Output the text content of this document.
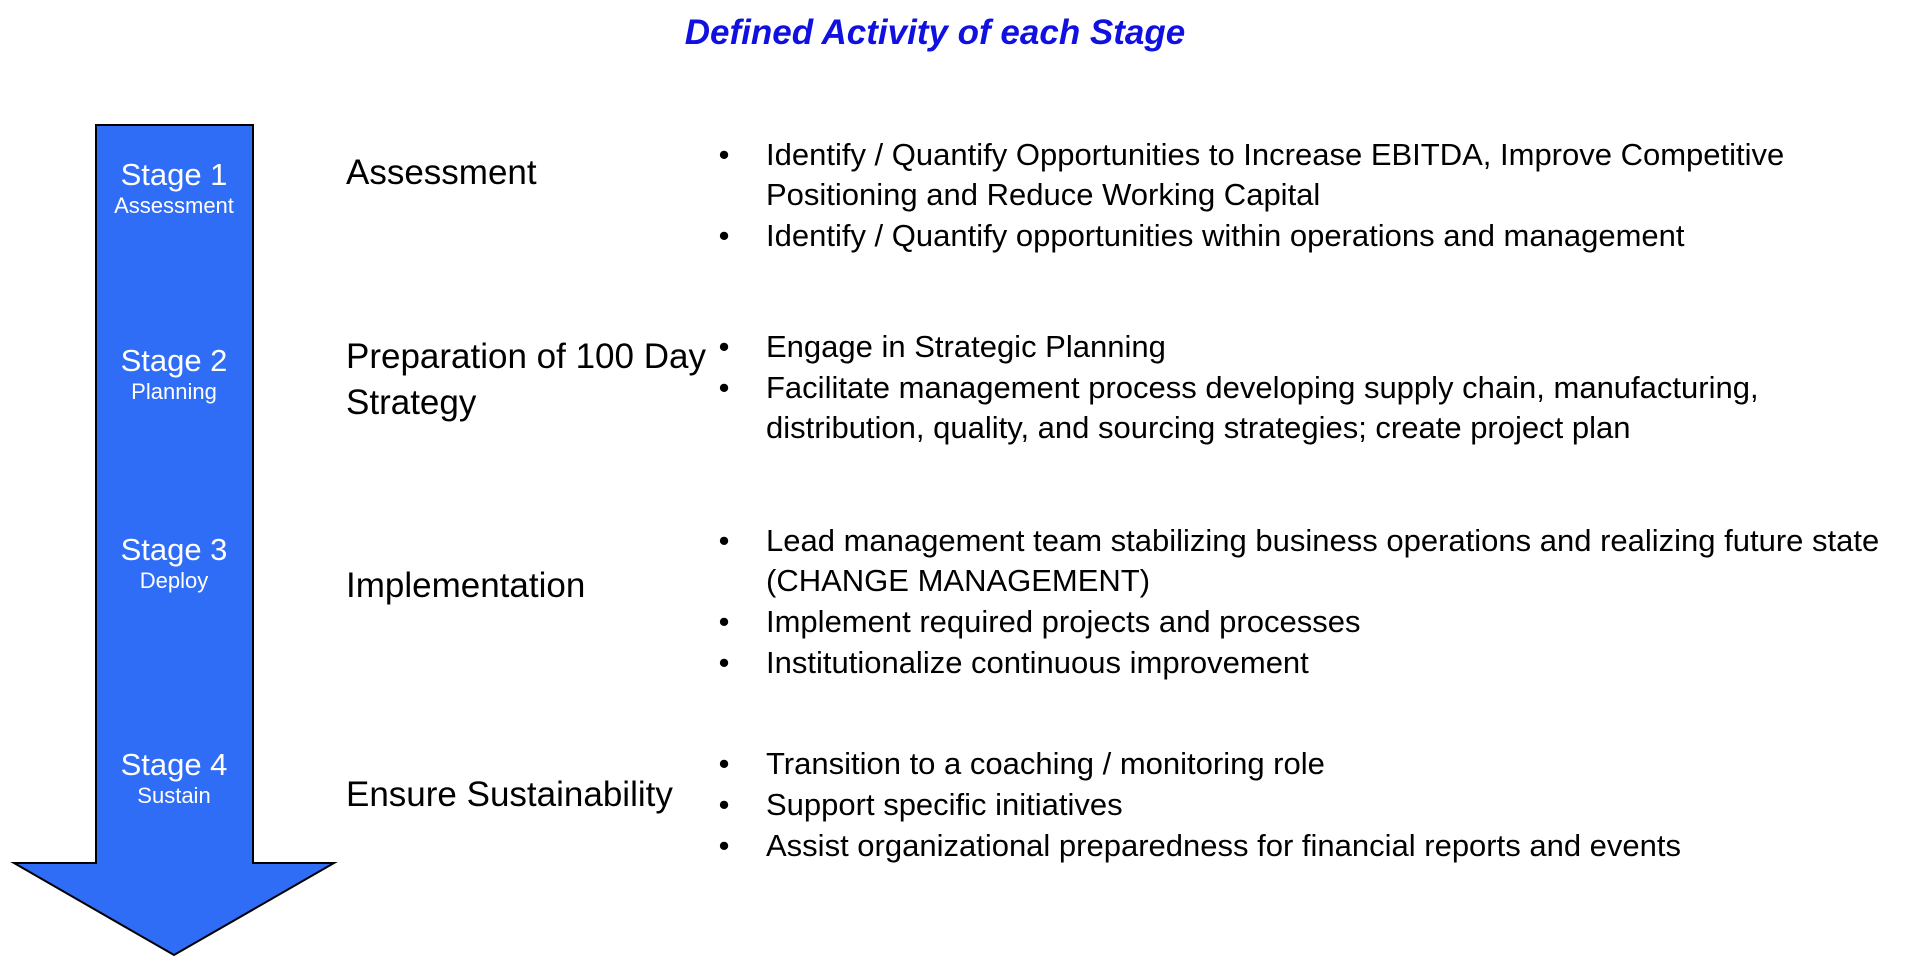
Defined Activity of each Stage
Stage 1
Assessment
Stage 2
Planning
Stage 3
Deploy
Stage 4
Sustain
Assessment
Preparation of 100 Day Strategy
Implementation
Ensure Sustainability
• Identify / Quantify Opportunities to Increase EBITDA, Improve Competitive Positioning and Reduce Working Capital
• Identify / Quantify opportunities within operations and management
• Engage in Strategic Planning
• Facilitate management process developing supply chain, manufacturing, distribution, quality, and sourcing strategies; create project plan
• Lead management team stabilizing business operations and realizing future state (CHANGE MANAGEMENT)
• Implement required projects and processes
• Institutionalize continuous improvement
• Transition to a coaching / monitoring role
• Support specific initiatives
• Assist organizational preparedness for financial reports and events
